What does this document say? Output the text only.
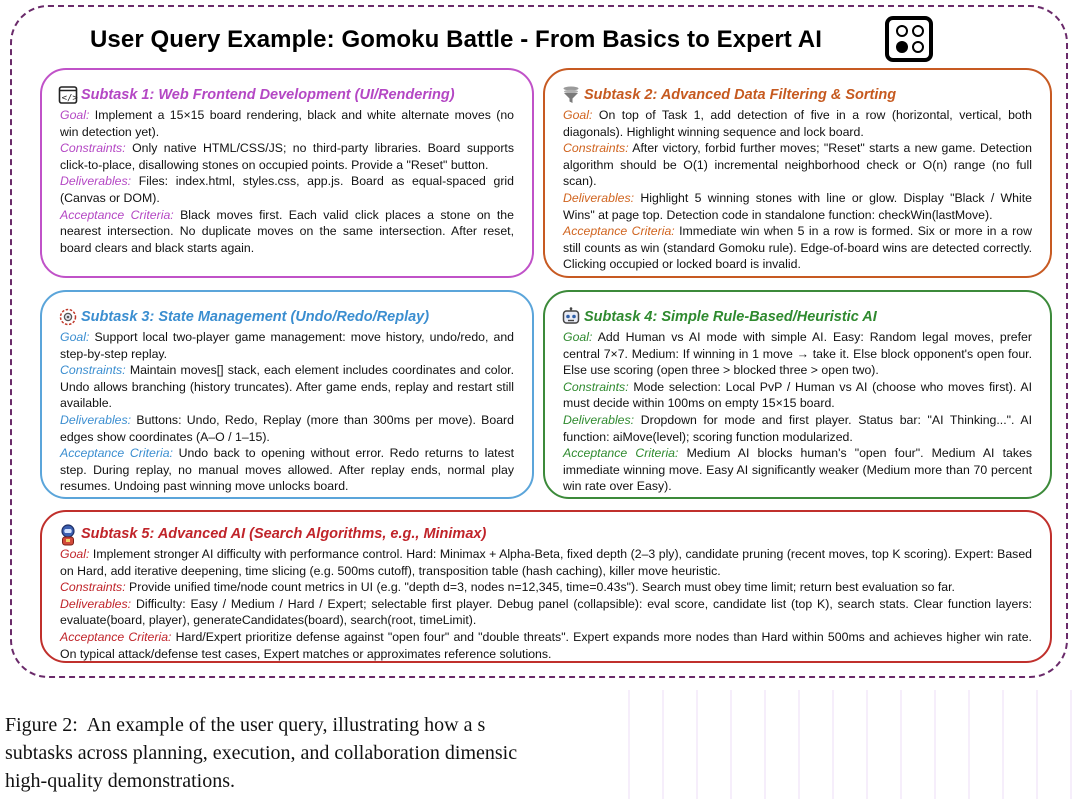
User Query Example: Gomoku Battle - From Basics to Expert AI
</> Subtask 1: Web Frontend Development (UI/Rendering)

Goal: Implement a 15×15 board rendering, black and white alternate moves (no win detection yet).

Constraints: Only native HTML/CSS/JS; no third-party libraries. Board supports click-to-place, disallowing stones on occupied points. Provide a "Reset" button.

Deliverables: Files: index.html, styles.css, app.js. Board as equal-spaced grid (Canvas or DOM).

Acceptance Criteria: Black moves first. Each valid click places a stone on the nearest intersection. No duplicate moves on the same intersection. After reset, board clears and black starts again.

Subtask 2: Advanced Data Filtering & Sorting

Goal: On top of Task 1, add detection of five in a row (horizontal, vertical, both diagonals). Highlight winning sequence and lock board.

Constraints: After victory, forbid further moves; "Reset" starts a new game. Detection algorithm should be O(1) incremental neighborhood check or O(n) range (no full scan).

Deliverables: Highlight 5 winning stones with line or glow. Display "Black / White Wins" at page top. Detection code in standalone function: checkWin(lastMove).

Acceptance Criteria: Immediate win when 5 in a row is formed. Six or more in a row still counts as win (standard Gomoku rule). Edge-of-board wins are detected correctly. Clicking occupied or locked board is invalid.

Subtask 3: State Management (Undo/Redo/Replay)

Goal: Support local two-player game management: move history, undo/redo, and step-by-step replay.

Constraints: Maintain moves[] stack, each element includes coordinates and color. Undo allows branching (history truncates). After game ends, replay and restart still available.

Deliverables: Buttons: Undo, Redo, Replay (more than 300ms per move). Board edges show coordinates (A–O / 1–15).

Acceptance Criteria: Undo back to opening without error. Redo returns to latest step. During replay, no manual moves allowed. After replay ends, normal play resumes. Undoing past winning move unlocks board.

Subtask 4: Simple Rule-Based/Heuristic AI

Goal: Add Human vs AI mode with simple AI. Easy: Random legal moves, prefer central 7×7. Medium: If winning in 1 move → take it. Else block opponent's open four. Else use scoring (open three > blocked three > open two).

Constraints: Mode selection: Local PvP / Human vs AI (choose who moves first). AI must decide within 100ms on empty 15×15 board.

Deliverables: Dropdown for mode and first player. Status bar: "AI Thinking...". AI function: aiMove(level); scoring function modularized.

Acceptance Criteria: Medium AI blocks human's "open four". Medium AI takes immediate winning move. Easy AI significantly weaker (Medium more than 70 percent win rate over Easy).

Subtask 5: Advanced AI (Search Algorithms, e.g., Minimax)

Goal: Implement stronger AI difficulty with performance control. Hard: Minimax + Alpha-Beta, fixed depth (2–3 ply), candidate pruning (recent moves, top K scoring). Expert: Based on Hard, add iterative deepening, time slicing (e.g. 500ms cutoff), transposition table (hash caching), killer move heuristic.

Constraints: Provide unified time/node count metrics in UI (e.g. "depth d=3, nodes n=12,345, time=0.43s"). Search must obey time limit; return best evaluation so far.

Deliverables: Difficulty: Easy / Medium / Hard / Expert; selectable first player. Debug panel (collapsible): eval score, candidate list (top K), search stats. Clear function layers: evaluate(board, player), generateCandidates(board), search(root, timeLimit).

Acceptance Criteria: Hard/Expert prioritize defense against "open four" and "double threats". Expert expands more nodes than Hard within 500ms and achieves higher win rate. On typical attack/defense test cases, Expert matches or approximates reference solutions.

Figure 2:  An example of the user query, illustrating how a s
subtasks across planning, execution, and collaboration dimensic
high-quality demonstrations.
